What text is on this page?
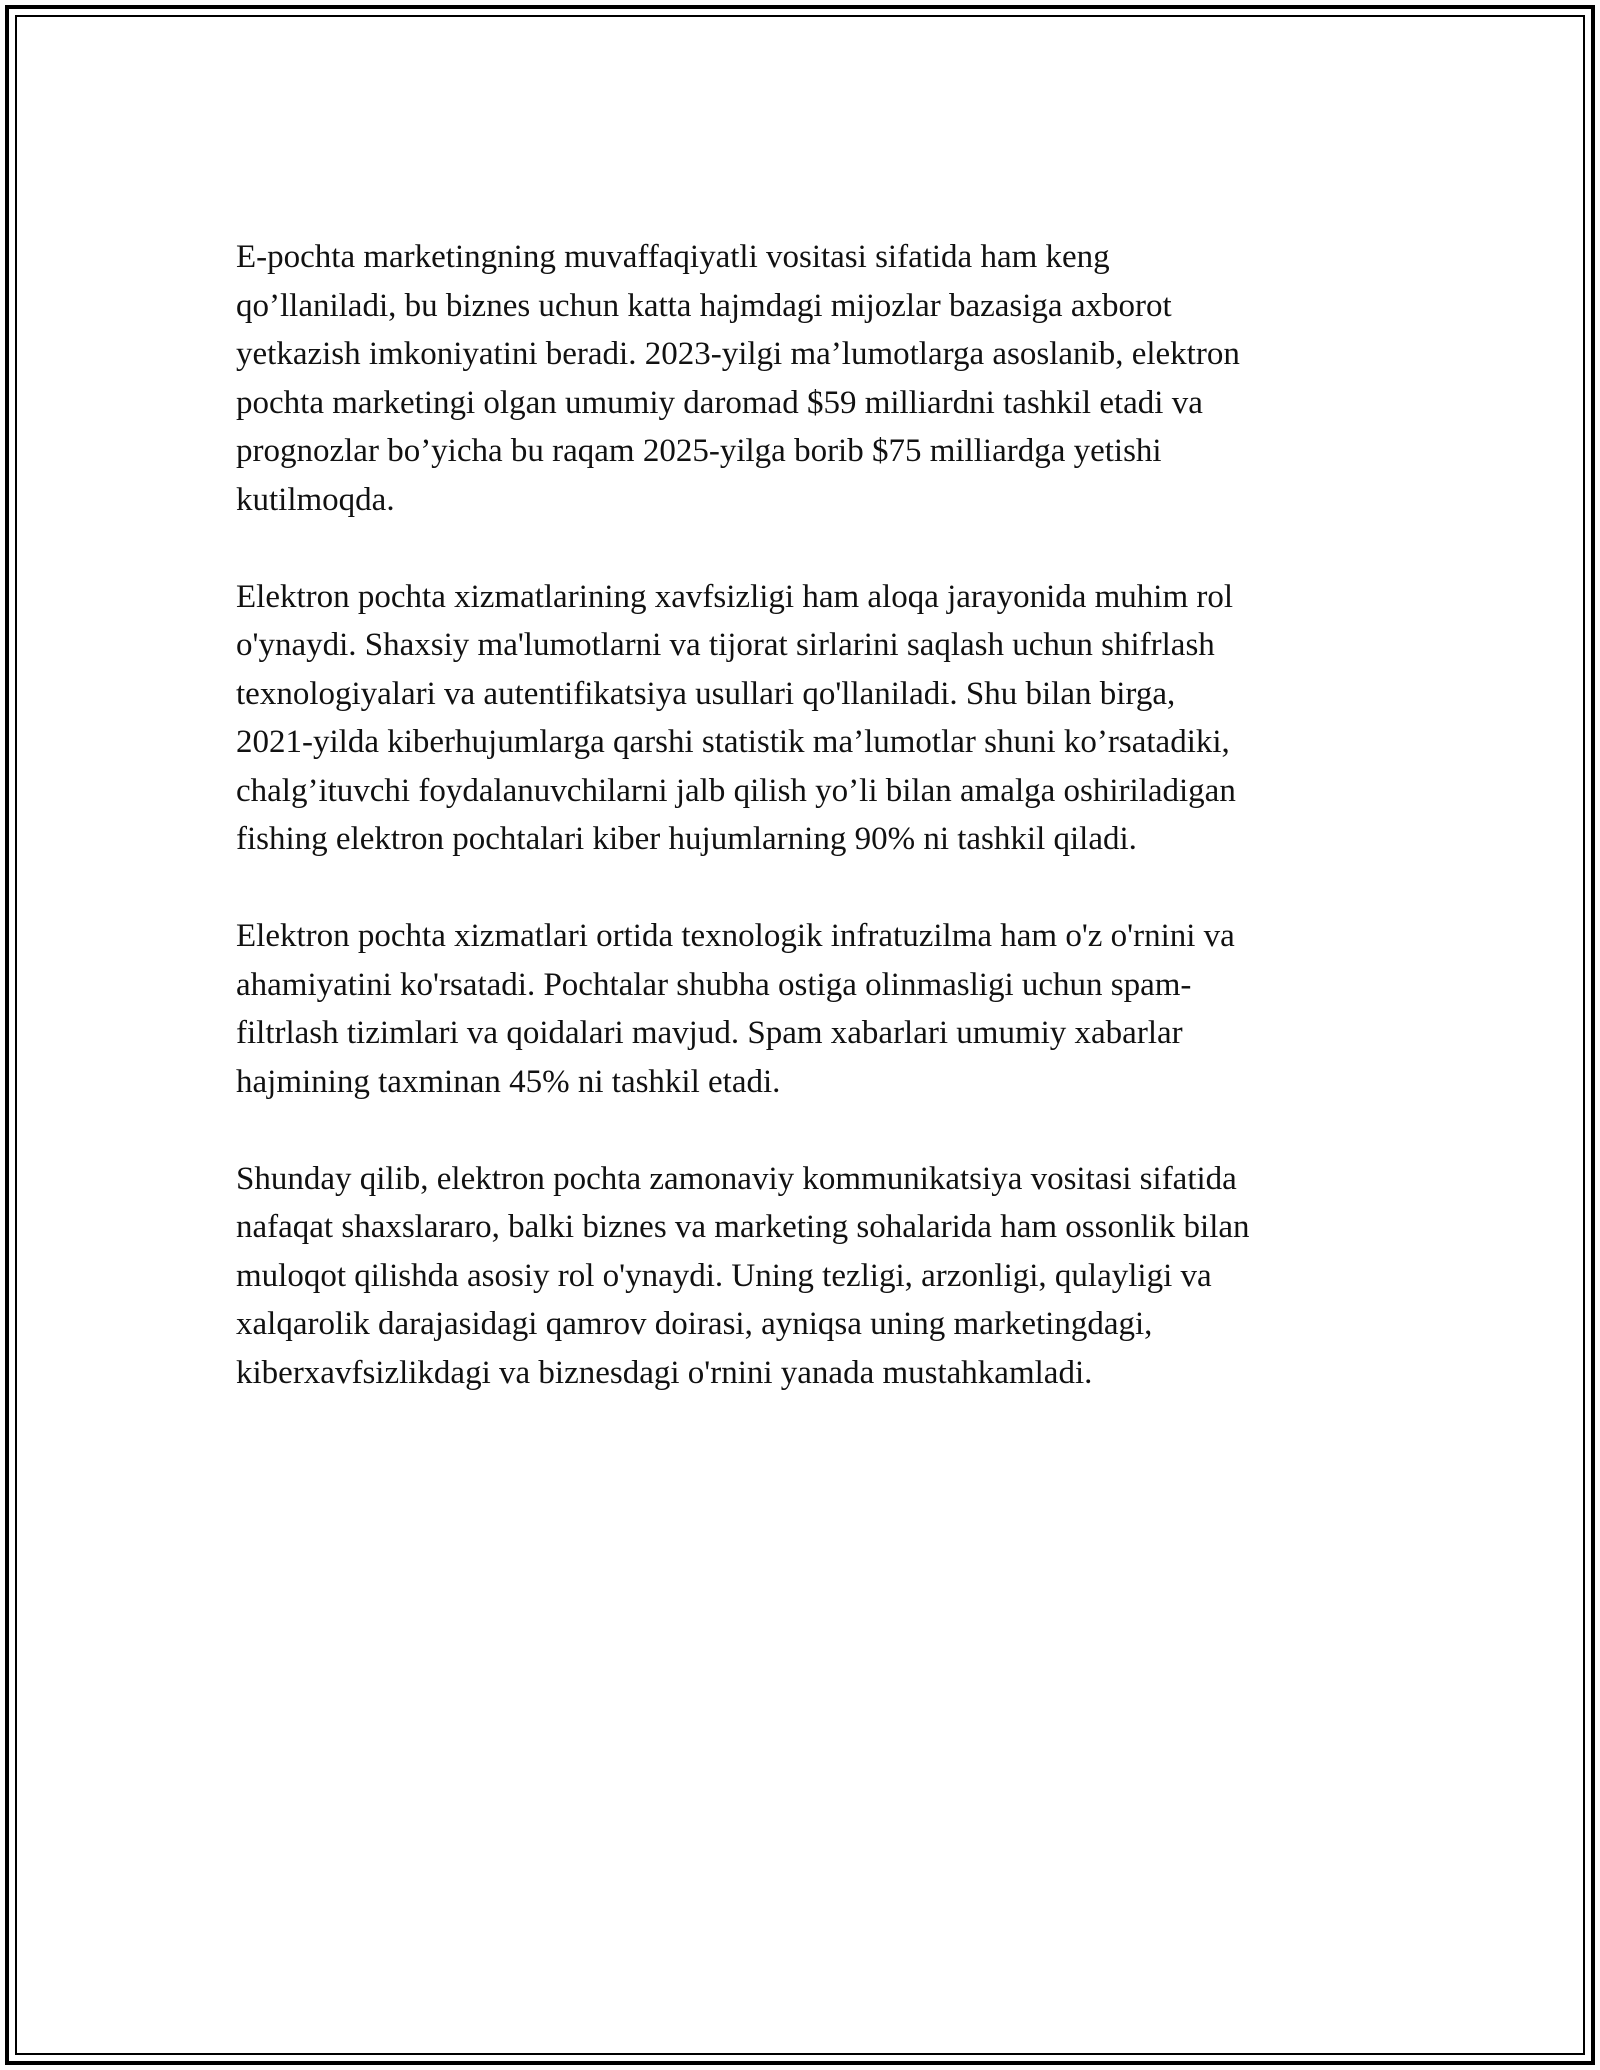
E-pochta marketingning muvaffaqiyatli vositasi sifatida ham keng
qo’llaniladi, bu biznes uchun katta hajmdagi mijozlar bazasiga axborot
yetkazish imkoniyatini beradi. 2023-yilgi ma’lumotlarga asoslanib, elektron
pochta marketingi olgan umumiy daromad $59 milliardni tashkil etadi va
prognozlar bo’yicha bu raqam 2025-yilga borib $75 milliardga yetishi
kutilmoqda.

Elektron pochta xizmatlarining xavfsizligi ham aloqa jarayonida muhim rol
o'ynaydi. Shaxsiy ma'lumotlarni va tijorat sirlarini saqlash uchun shifrlash
texnologiyalari va autentifikatsiya usullari qo'llaniladi. Shu bilan birga,
2021-yilda kiberhujumlarga qarshi statistik ma’lumotlar shuni ko’rsatadiki,
chalg’ituvchi foydalanuvchilarni jalb qilish yo’li bilan amalga oshiriladigan
fishing elektron pochtalari kiber hujumlarning 90% ni tashkil qiladi.

Elektron pochta xizmatlari ortida texnologik infratuzilma ham o'z o'rnini va
ahamiyatini ko'rsatadi. Pochtalar shubha ostiga olinmasligi uchun spam-
filtrlash tizimlari va qoidalari mavjud. Spam xabarlari umumiy xabarlar
hajmining taxminan 45% ni tashkil etadi.

Shunday qilib, elektron pochta zamonaviy kommunikatsiya vositasi sifatida
nafaqat shaxslararo, balki biznes va marketing sohalarida ham ossonlik bilan
muloqot qilishda asosiy rol o'ynaydi. Uning tezligi, arzonligi, qulayligi va
xalqarolik darajasidagi qamrov doirasi, ayniqsa uning marketingdagi,
kiberxavfsizlikdagi va biznesdagi o'rnini yanada mustahkamladi.
